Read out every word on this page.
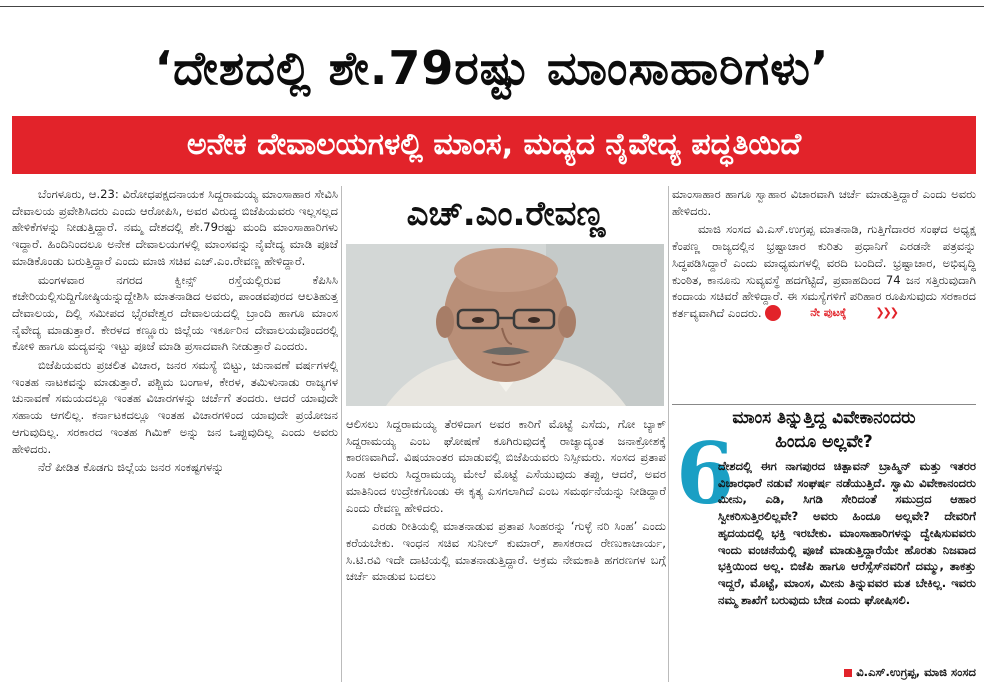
‘ದೇಶದಲ್ಲಿ ಶೇ.79ರಷ್ಟು ಮಾಂಸಾಹಾರಿಗಳು’
ಅನೇಕ ದೇವಾಲಯಗಳಲ್ಲಿ ಮಾಂಸ, ಮದ್ಯದ ನೈವೇದ್ಯ ಪದ್ಧತಿಯಿದೆ

ಬೆಂಗಳೂರು, ಆ.23: ವಿರೋಧಪಕ್ಷದನಾಯಕ ಸಿದ್ದರಾಮಯ್ಯ ಮಾಂಸಾಹಾರ ಸೇವಿಸಿ ದೇವಾಲಯ ಪ್ರವೇಶಿಸಿದರು ಎಂದು ಆರೋಪಿಸಿ, ಅವರ ವಿರುದ್ಧ ಬಿಜೆಪಿಯವರು ಇಲ್ಲಸಲ್ಲದ ಹೇಳಿಕೆಗಳನ್ನು ನೀಡುತ್ತಿದ್ದಾರೆ. ನಮ್ಮ ದೇಶದಲ್ಲಿ ಶೇ.79ರಷ್ಟು ಮಂದಿ ಮಾಂಸಾಹಾರಿಗಳು ಇದ್ದಾರೆ. ಹಿಂದಿನಿಂದಲೂ ಅನೇಕ ದೇವಾಲಯಗಳಲ್ಲಿ ಮಾಂಸವನ್ನು ನೈವೇದ್ಯ ಮಾಡಿ ಪೂಜೆ ಮಾಡಿಕೊಂಡು ಬರುತ್ತಿದ್ದಾರೆ ಎಂದು ಮಾಜಿ ಸಚಿವ ಎಚ್.ಎಂ.ರೇವಣ್ಣ ಹೇಳಿದ್ದಾರೆ.

ಮಂಗಳವಾರ ನಗರದ ಕ್ವೀನ್ಸ್ ರಸ್ತೆಯಲ್ಲಿರುವ ಕೆಪಿಸಿಸಿ ಕಚೇರಿಯಲ್ಲಿಸುದ್ದಿಗೋಷ್ಠಿಯನ್ನುದ್ದೇಶಿಸಿ ಮಾತನಾಡಿದ ಅವರು, ಪಾಂಡವಪುರದ ಆಲತಿಹುತ್ತ ದೇವಾಲಯ, ದಿಲ್ಲಿ ಸಮೀಪದ ಭೈರವೇಶ್ವರ ದೇವಾಲಯದಲ್ಲಿ ಬ್ರಾಂದಿ ಹಾಗೂ ಮಾಂಸ ನೈವೇದ್ಯ ಮಾಡುತ್ತಾರೆ. ಕೇರಳದ ಕಣ್ಣೂರು ಜಿಲ್ಲೆಯ ಇರ್ಕೂರಿನ ದೇವಾಲಯವೊಂದರಲ್ಲಿ ಕೋಳಿ ಹಾಗೂ ಮದ್ಯವನ್ನು ಇಟ್ಟು ಪೂಜೆ ಮಾಡಿ ಪ್ರಸಾದವಾಗಿ ನೀಡುತ್ತಾರೆ ಎಂದರು.

ಬಿಜೆಪಿಯವರು ಪ್ರಚಲಿತ ವಿಚಾರ, ಜನರ ಸಮಸ್ಯೆ ಬಿಟ್ಟು, ಚುನಾವಣೆ ವರ್ಷಗಳಲ್ಲಿ ಇಂತಹ ನಾಟಕವನ್ನು ಮಾಡುತ್ತಾರೆ. ಪಶ್ಚಿಮ ಬಂಗಾಳ, ಕೇರಳ, ತಮಿಳುನಾಡು ರಾಜ್ಯಗಳ ಚುನಾವಣೆ ಸಮಯದಲ್ಲೂ ಇಂತಹ ವಿಚಾರಗಳನ್ನು ಚರ್ಚೆಗೆ ತಂದರು. ಆದರೆ ಯಾವುದೇ ಸಹಾಯ ಆಗಲಿಲ್ಲ. ಕರ್ನಾಟಕದಲ್ಲೂ ಇಂತಹ ವಿಚಾರಗಳಿಂದ ಯಾವುದೇ ಪ್ರಯೋಜನ ಆಗುವುದಿಲ್ಲ. ಸರಕಾರದ ಇಂತಹ ಗಿಮಿಕ್ ಅನ್ನು ಜನ ಒಪ್ಪುವುದಿಲ್ಲ ಎಂದು ಅವರು ಹೇಳಿದರು.

ನೆರೆ ಪೀಡಿತ ಕೊಡಗು ಜಿಲ್ಲೆಯ ಜನರ ಸಂಕಷ್ಟಗಳನ್ನು

ಎಚ್.ಎಂ.ರೇವಣ್ಣ

ಆಲಿಸಲು ಸಿದ್ದರಾಮಯ್ಯ ತೆರಳಿದಾಗ ಅವರ ಕಾರಿಗೆ ಮೊಟ್ಟೆ ಎಸೆದು, ಗೋ ಬ್ಯಾಕ್ ಸಿದ್ದರಾಮಯ್ಯ ಎಂಬ ಘೋಷಣೆ ಕೂಗಿರುವುದಕ್ಕೆ ರಾಜ್ಯಾದ್ಯಂತ ಜನಾಕ್ರೋಶಕ್ಕೆ ಕಾರಣವಾಗಿದೆ. ವಿಷಯಾಂತರ ಮಾಡುವಲ್ಲಿ ಬಿಜೆಪಿಯವರು ನಿಸ್ಸೀಮರು. ಸಂಸದ ಪ್ರತಾಪ ಸಿಂಹ ಅವರು ಸಿದ್ದರಾಮಯ್ಯ ಮೇಲೆ ಮೊಟ್ಟೆ ಎಸೆಯುವುದು ತಪ್ಪು, ಆದರೆ, ಅವರ ಮಾತಿನಿಂದ ಉದ್ರೇಕಗೊಂಡು ಈ ಕೃತ್ಯ ಎಸಗಲಾಗಿದೆ ಎಂಬ ಸಮರ್ಥನೆಯನ್ನು ನೀಡಿದ್ದಾರೆ ಎಂದು ರೇವಣ್ಣ ಹೇಳಿದರು.

ಎರಡು ರೀತಿಯಲ್ಲಿ ಮಾತನಾಡುವ ಪ್ರತಾಪ ಸಿಂಹರನ್ನು ‘ಗುಳ್ಳೆ ನರಿ ಸಿಂಹ’ ಎಂದು ಕರೆಯಬೇಕು. ಇಂಧನ ಸಚಿವ ಸುನೀಲ್ ಕುಮಾರ್, ಶಾಸಕರಾದ ರೇಣುಕಾಚಾರ್ಯ, ಸಿ.ಟಿ.ರವಿ ಇದೇ ದಾಟಿಯಲ್ಲಿ ಮಾತನಾಡುತ್ತಿದ್ದಾರೆ. ಅಕ್ರಮ ನೇಮಕಾತಿ ಹಗರಣಗಳ ಬಗ್ಗೆ ಚರ್ಚೆ ಮಾಡುವ ಬದಲು

ಮಾಂಸಾಹಾರ ಹಾಗೂ ಸ್ವಾಹಾರ ವಿಚಾರವಾಗಿ ಚರ್ಚೆ ಮಾಡುತ್ತಿದ್ದಾರೆ ಎಂದು ಅವರು ಹೇಳಿದರು.

ಮಾಜಿ ಸಂಸದ ವಿ.ಎಸ್.ಉಗ್ರಪ್ಪ ಮಾತನಾಡಿ, ಗುತ್ತಿಗೆದಾರರ ಸಂಘದ ಅಧ್ಯಕ್ಷ ಕೆಂಪಣ್ಣ ರಾಜ್ಯದಲ್ಲಿನ ಭ್ರಷ್ಟಾಚಾರ ಕುರಿತು ಪ್ರಧಾನಿಗೆ ಎರಡನೇ ಪತ್ರವನ್ನು ಸಿದ್ಧಪಡಿಸಿದ್ದಾರೆ ಎಂದು ಮಾಧ್ಯಮಗಳಲ್ಲಿ ವರದಿ ಬಂದಿದೆ. ಭ್ರಷ್ಟಾಚಾರ, ಅಭಿವೃದ್ಧಿ ಕುಂಠಿತ, ಕಾನೂನು ಸುವ್ಯವಸ್ಥೆ ಹದಗೆಟ್ಟಿದೆ, ಪ್ರವಾಹದಿಂದ 74 ಜನ ಸತ್ತಿರುವುದಾಗಿ ಕಂದಾಯ ಸಚಿವರೆ ಹೇಳಿದ್ದಾರೆ. ಈ ಸಮಸ್ಯೆಗಳಿಗೆ ಪರಿಹಾರ ರೂಪಿಸುವುದು ಸರಕಾರದ ಕರ್ತವ್ಯವಾಗಿದೆ ಎಂದರು.	8	ನೇ ಪುಟಕ್ಕೆ	❯❯❯

ಮಾಂಸ ತಿನ್ನುತ್ತಿದ್ದ ವಿವೇಕಾನಂದರು
ಹಿಂದೂ ಅಲ್ಲವೇ?
6
ದೇಶದಲ್ಲಿ ಈಗ ನಾಗಪುರದ ಚಿತ್ಪಾವನ್ ಬ್ರಾಹ್ಮಿನ್ ಮತ್ತು ಇತರರ ವಿಚಾರಧಾರೆ ನಡುವೆ ಸಂಘರ್ಷ ನಡೆಯುತ್ತಿದೆ. ಸ್ವಾಮಿ ವಿವೇಕಾನಂದರು ಮೀನು, ಎಡಿ, ಸಿಗಡಿ ಸೇರಿದಂತೆ ಸಮುದ್ರದ ಆಹಾರ ಸ್ವೀಕರಿಸುತ್ತಿರಲಿಲ್ಲವೇ? ಅವರು ಹಿಂದೂ ಅಲ್ಲವೇ? ದೇವರಿಗೆ ಹೃದಯದಲ್ಲಿ ಭಕ್ತಿ ಇರಬೇಕು. ಮಾಂಸಾಹಾರಿಗಳನ್ನು ದ್ವೇಷಿಸುವವರು ಇಂದು ವಂಚನೆಯಲ್ಲಿ ಪೂಜೆ ಮಾಡುತ್ತಿದ್ದಾರೆಯೇ ಹೊರತು ನಿಜವಾದ ಭಕ್ತಿಯಿಂದ ಅಲ್ಲ. ಬಿಜೆಪಿ ಹಾಗೂ ಆರೆಸ್ಸೆಸ್‌ನವರಿಗೆ ದಮ್ಮು, ತಾಕತ್ತು ಇದ್ದರೆ, ಮೊಟ್ಟೆ, ಮಾಂಸ, ಮೀನು ತಿನ್ನುವವರ ಮತ ಬೇಕಿಲ್ಲ. ಇವರು ನಮ್ಮ ಶಾಖೆಗೆ ಬರುವುದು ಬೇಡ ಎಂದು ಘೋಷಿಸಲಿ.
ವಿ.ಎಸ್.ಉಗ್ರಪ್ಪ, ಮಾಜಿ ಸಂಸದ
